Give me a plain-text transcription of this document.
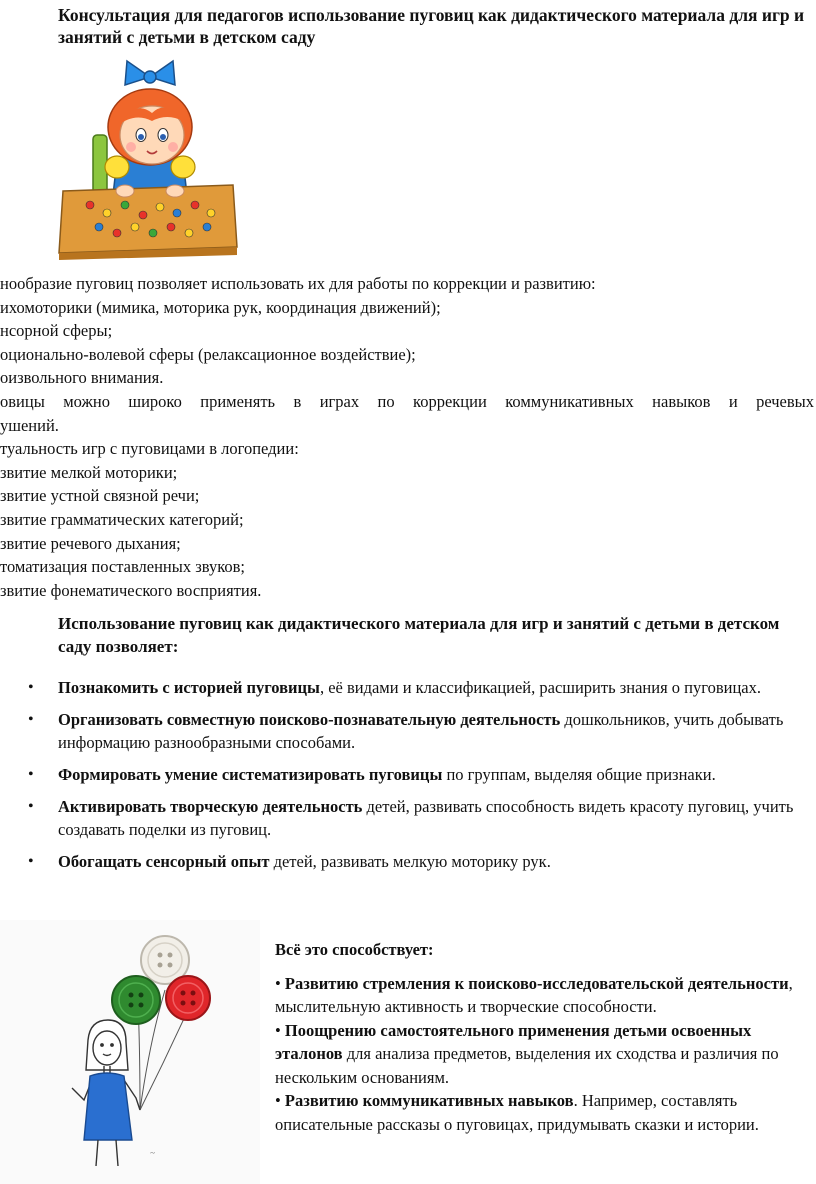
Консультация для педагогов использование пуговиц как дидактического материала для игр и занятий с детьми в детском саду
нообразие пуговиц позволяет использовать их для работы по коррекции и развитию:
ихомоторики (мимика, моторика рук, координация движений);
нсорной сферы;
оционально-волевой сферы (релаксационное воздействие);
оизвольного внимания.
овицы можно широко применять в играх по коррекции коммуникативных навыков и речевых
ушений.
туальность игр с пуговицами в логопедии:
звитие мелкой моторики;
звитие устной связной речи;
звитие грамматических категорий;
звитие речевого дыхания;
томатизация поставленных звуков;
звитие фонематического восприятия.
Использование пуговиц как дидактического материала для игр и занятий с детьми в детском саду позволяет:
• Познакомить с историей пуговицы, её видами и классификацией, расширить знания о пуговицах.
• Организовать совместную поисково-познавательную деятельность дошкольников, учить добывать информацию разнообразными способами.
• Формировать умение систематизировать пуговицы по группам, выделяя общие признаки.
• Активировать творческую деятельность детей, развивать способность видеть красоту пуговиц, учить создавать поделки из пуговиц.
• Обогащать сенсорный опыт детей, развивать мелкую моторику рук.
~
Всё это способствует:
• Развитию стремления к поисково-исследовательской деятельности, мыслительную активность и творческие способности.
• Поощрению самостоятельного применения детьми освоенных эталонов для анализа предметов, выделения их сходства и различия по нескольким основаниям.
• Развитию коммуникативных навыков. Например, составлять описательные рассказы о пуговицах, придумывать сказки и истории.
